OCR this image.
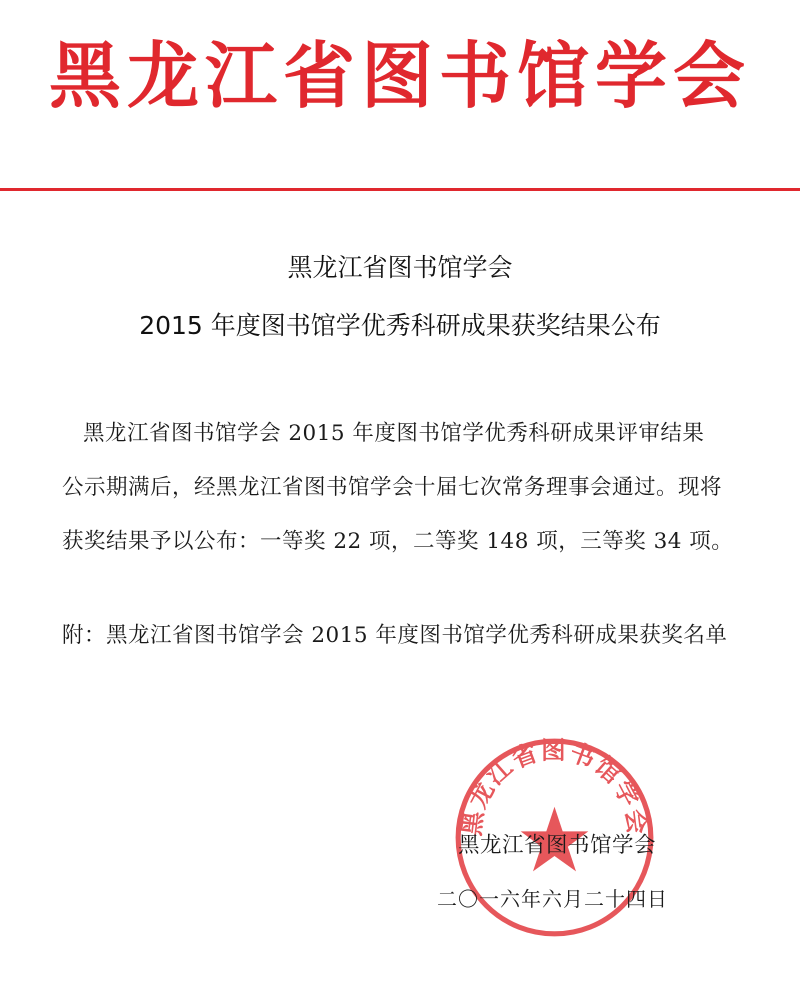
黑龙江省图书馆学会
黑龙江省图书馆学会
2015 年度图书馆学优秀科研成果获奖结果公布

黑龙江省图书馆学会 2015 年度图书馆学优秀科研成果评审结果

公示期满后，经黑龙江省图书馆学会十届七次常务理事会通过。现将

获奖结果予以公布：一等奖 22 项，二等奖 148 项，三等奖 34 项。

附：黑龙江省图书馆学会 2015 年度图书馆学优秀科研成果获奖名单
黑龙江省图书馆学会
黑龙江省图书馆学会
二〇一六年六月二十四日
